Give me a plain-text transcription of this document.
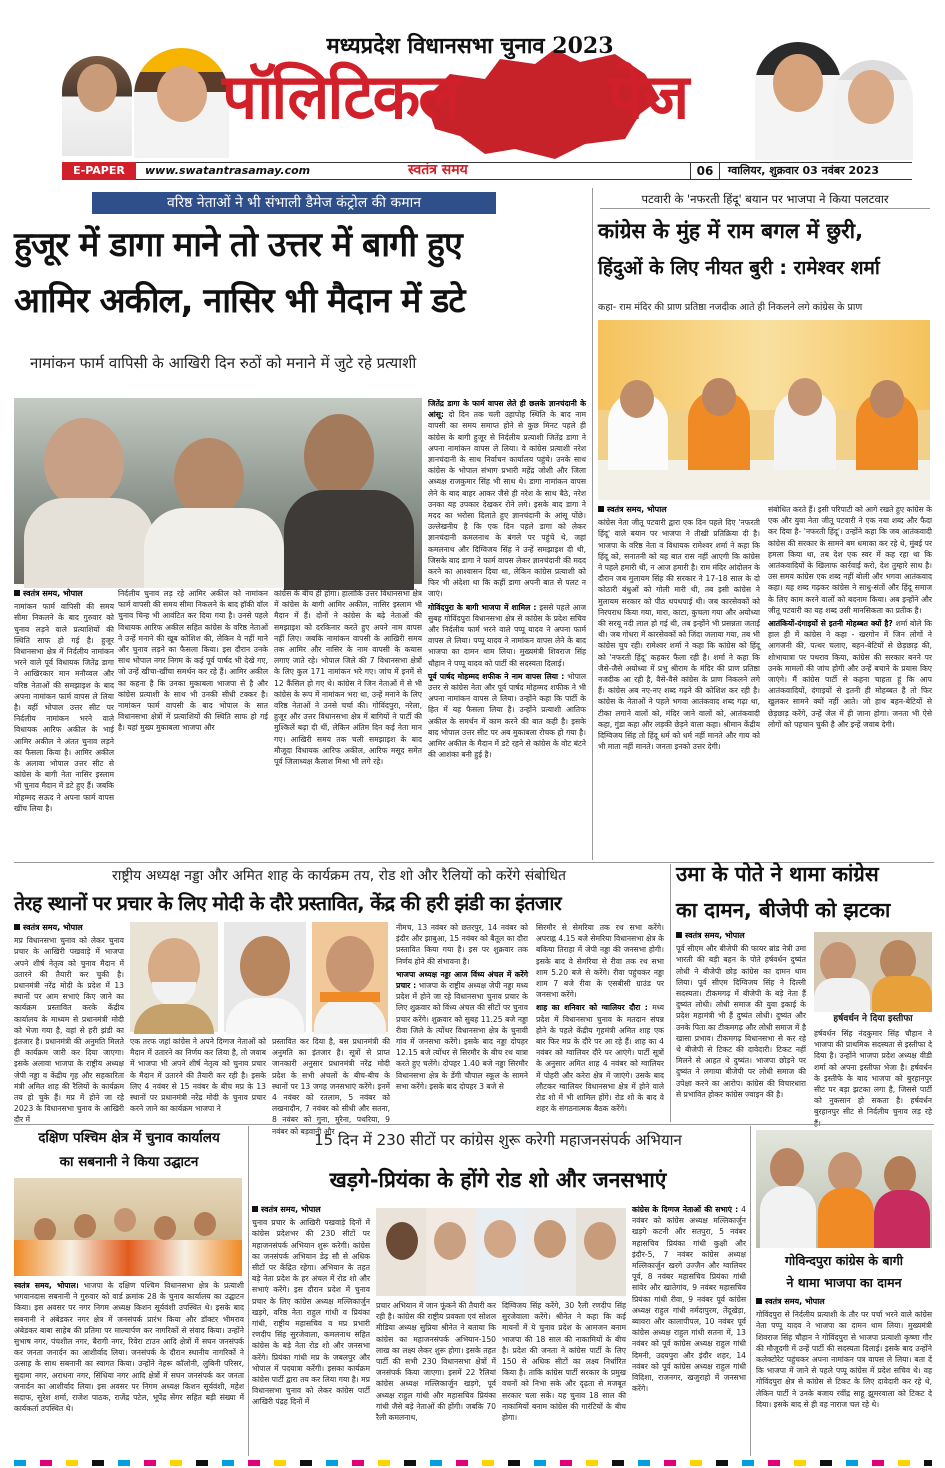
मध्यप्रदेश विधानसभा चुनाव 2023
पॉलिटिकल पेज
E-PAPER	www.swatantrasamay.com	स्वतंत्र समय	06	ग्वालियर, शुक्रवार 03 नवंबर 2023
वरिष्ठ नेताओं ने भी संभाली डैमेज कंट्रोल की कमान
हुजूर में डागा माने तो उत्तर में बागी हुए
आमिर अकील, नासिर भी मैदान में डटे
नामांकन फार्म वापिसी के आखिरी दिन रुठों को मनाने में जुटे रहे प्रत्याशी
स्वतंत्र समय, भोपाल

नामांकन फार्म वापिसी की समय सीमा निकलने के बाद गुरुवार को चुनाव लड़ने वाले प्रत्याशियों की स्थिति साफ हो गई है। हुजूर विधानसभा क्षेत्र में निर्दलीय नामांकन भरने वाले पूर्व विधायक जितेंद्र डागा ने आखिरकार मान मनौव्वल और वरिष्ठ नेताओं की समझाइश के बाद अपना नामांकन फार्म वापस ले लिया है। वहीं भोपाल उत्तर सीट पर निर्दलीय नामांकन भरने वाले विधायक आरिफ अकील के भाई आमिर अकील ने अंतत चुनाव लड़ने का फैसला किया है। आमिर अकील के अलावा भोपाल उत्तर सीट से कांग्रेस के बागी नेता नासिर इस्लाम भी चुनाव मैदान में डटे हुए हैं। जबकि मोहम्मद सऊद ने अपना फार्म वापस खींच लिया है।

निर्दलीय चुनाव लड़ रहे आमिर अकील को नामांकन फार्म वापसी की समय सीमा निकलने के बाद हॉकी वॉल चुनाव चिन्ह भी आवंटित कर दिया गया है। उनसे पहले विधायक आरिफ अकील सहित कांग्रेस के वरिष्ठ नेताओं ने उन्हें मनाने की खूब कोशिश की, लेकिन वे नहीं माने और चुनाव लड़ने का फैसला किया। इस दौरान उनके साथ भोपाल नगर निगम के कई पूर्व पार्षद भी देखे गए, जो उन्हें खीचा-खींचा समर्थन कर रहे हैं। आमिर अकील का कहना है कि उनका मुकाबला भाजपा से है और कांग्रेस प्रत्याशी के साथ भी उनकी सीधी टक्कर है। नामांकन फार्म वापसी के बाद भोपाल के सात विधानसभा क्षेत्रों में प्रत्याशियों की स्थिति साफ हो गई है। यहां मुख्य मुकाबला भाजपा और

कांग्रेस के बीच ही होगा। हालांकि उत्तर विधानसभा क्षेत्र में कांग्रेस के बागी आमिर अकील, नासिर इस्लाम भी मैदान में हैं। दोनों ने कांग्रेस के बढ़े नेताओं की समझाइश को दरकिनार करते हुए अपने नाम वापस नहीं लिए। जबकि नामांकन वापसी के आखिरी समय तक आमिर और नासिर के नाम वापसी के कयास लगाए जाते रहे। भोपाल जिले की 7 विधानसभा क्षेत्रों के लिए कुल 171 नामांकन भरे गए। जांच में इनमें से 12 कैंसिल हो गए थे। कांग्रेस ने जिन नेताओं में से भी कांग्रेस के रूप में नामांकन भरा था, उन्हें मनाने के लिए वरिष्ठ नेताओं ने उनसे चर्चा की। गोविंदपुरा, नरेला, हुजूर और उत्तर विधानसभा क्षेत्र में बागियों ने पार्टी की मुश्किलें बढ़ा दी थीं, लेकिन अंतिम दिन कई नेता मान गए। आखिरी समय तक चली समझाइश के बाद मौजूदा विधायक आरिफ अकील, आरिफ मसूद समेत पूर्व जिलाध्यक्ष कैलाश मिश्रा भी लगे रहे।

जितेंद्र डागा के फार्म वापस लेते ही छलके ज्ञानचंदानी के आंसू: दो दिन तक चली उहापोह स्थिति के बाद नाम वापसी का समय समाप्त होने से कुछ मिनट पहले ही कांग्रेस के बागी हुजूर से निर्दलीय प्रत्याशी जितेंद्र डागा ने अपना नामांकन वापस ले लिया। वे कांग्रेस प्रत्याशी नरेश ज्ञानचंदानी के साथ निर्वाचन कार्यालय पहुंचे। उनके साथ कांग्रेस के भोपाल संभाग प्रभारी महेंद्र जोशी और जिला अध्यक्ष राजकुमार सिंह भी साथ थे। डागा नामांकन वापस लेने के बाद बाहर आकर जैसे ही नरेश के साथ बैठे, नरेश उनका यह उपकार देखकर रोने लगे। इसके बाद डागा ने मदद का भरोसा दिलाते हुए ज्ञानचंदानी के आंसू पोंछे। उल्लेखनीय है कि एक दिन पहले डागा को लेकर ज्ञानचंदानी कमलनाथ के बंगले पर पहुंचे थे, जहां कमलनाथ और दिग्विजय सिंह ने उन्हें समझाइश दी थी, जिसके बाद डागा ने फार्म वापस लेकर ज्ञानचंदानी की मदद करने का आश्वासन दिया था, लेकिन कांग्रेस प्रत्याशी को फिर भी अंदेशा था कि कहीं डागा अपनी बात से पलट न जाएं।

गोविंदपुरा के बागी भाजपा में शामिल : इससे पहले आज सुबह गोविंदपुरा विधानसभा क्षेत्र से कांग्रेस के प्रदेश सचिव और निर्दलीय फार्म भरने वाले पप्पू यादव ने अपना फार्म वापस ले लिया। पप्पू यादव ने नामांकन वापस लेने के बाद भाजपा का दामन थाम लिया। मुख्यमंत्री शिवराज सिंह चौहान ने पप्पू यादव को पार्टी की सदस्यता दिलाई।

पूर्व पार्षद मोहम्मद शफीक ने नाम वापस लिया : भोपाल उत्तर से कांग्रेस नेता और पूर्व पार्षद मोहम्मद शफीक ने भी अपना नामांकन वापस ले लिया। उन्होंने कहा कि पार्टी के हित में यह फैसला लिया है। उन्होंने प्रत्याशी आतिफ अकील के समर्थन में काम करने की बात कही है। इसके बाद भोपाल उत्तर सीट पर अब मुकाबला रोचक हो गया है। आमिर अकील के मैदान में डटे रहने से कांग्रेस के वोट बंटने की आशंका बनी हुई है।

पटवारी के 'नफरती हिंदू' बयान पर भाजपा ने किया पलटवार
कांग्रेस के मुंह में राम बगल में छुरी,
हिंदुओं के लिए नीयत बुरी : रामेश्वर शर्मा
कहा- राम मंदिर की प्राण प्रतिष्ठा नजदीक आते ही निकलने लगे कांग्रेस के प्राण
स्वतंत्र समय, भोपाल

कांग्रेस नेता जीतू पटवारी द्वारा एक दिन पहले दिए 'नफरती हिंदू' वाले बयान पर भाजपा ने तीखी प्रतिक्रिया दी है। भाजपा के वरिष्ठ नेता व विधायक रामेश्वर शर्मा ने कहा कि हिंदू को, सनातनी को यह बात रास नहीं आएगी कि कांग्रेस ने पहले हमारी थी, न आज हमारी है। राम मंदिर आंदोलन के दौरान जब मुलायम सिंह की सरकार ने 17-18 साल के दो कोठारी बंधुओं को गोली मारी थी, तब इसी कांग्रेस ने मुलायम सरकार को पीठ थपथपाई थी। जब कारसेवकों को निरपराध किया गया, मारा, काटा, कुचला गया और अयोध्या की सरयू नदी लाल हो गई थी, तब इन्होंने भी प्रसन्नता जताई थी। जब गोधरा में कारसेवकों को जिंदा जलाया गया, तब भी कांग्रेस चुप रही। रामेश्वर शर्मा ने कहा कि कांग्रेस को हिंदू को 'नफरती हिंदू' कहकर फैला रही है। शर्मा ने कहा कि जैसे-जैसे अयोध्या में प्रभु श्रीराम के मंदिर की प्राण प्रतिष्ठा नजदीक आ रही है, वैसे-वैसे कांग्रेस के प्राण निकलने लगे हैं। कांग्रेस अब नए-नए शब्द गढ़ने की कोशिश कर रही है। कांग्रेस के नेताओं ने पहले भगवा आतंकवाद शब्द गढ़ा था, टीका लगाने वालों को, मंदिर जाने वालों को, आतंकवादी कहा, गुंडा कहा और लड़की छेड़ने वाला कहा। श्रीमान केंद्रीय दिग्विजय सिंह तो हिंदू धर्म को धर्म नहीं मानते और गाय को भी माता नहीं मानते। जनता इनको उत्तर देगी।

संबोधित करते हैं। इसी परिपाटी को आगे रखते हुए कांग्रेस के एक और युवा नेता जीतू पटवारी ने एक नया शब्द और फैदा कर दिया है- 'नफरती हिंदू'। उन्होंने कहा कि जब आतंकवादी कांग्रेस की सरकार के सामने बम धमाका कर रहे थे, मुंबई पर हमला किया था, तब देश एक स्वर में कह रहा था कि आतंकवादियों के खिलाफ कार्रवाई करो, देश तुम्हारे साथ है। उस समय कांग्रेस एक शब्द नहीं बोली और भगवा आतंकवाद कहा। यह शब्द गढ़कर कांग्रेस ने साधु-संतों और हिंदू समाज के लिए काम करने वालों को बदनाम किया। अब इन्होंने और जीतू पटवारी का यह शब्द उसी मानसिकता का प्रतीक है।

आतंकियों-दंगाइयों से इतनी मोहब्बत क्यों है? शर्मा बोले कि हाल ही में कांग्रेस ने कहा - खरगोन में जिन लोगों ने आगजनी की, पत्थर चलाए, बहन-बेटियों से छेड़छाड़ की, शोभायात्रा पर पथराव किया, कांग्रेस की सरकार बनने पर उनके मामलों की जांच होगी और उन्हें बचाने के प्रयास किए जाएंगे। मैं कांग्रेस पार्टी से कहना चाहता हूं कि आप आतंकवादियों, दंगाइयों से इतनी ही मोहब्बत है तो फिर खुलकर सामने क्यों नहीं आते। जो हाथ बहन-बेटियों से छेड़छाड़ करेंगे, उन्हें जेल में ही जाना होगा। जनता भी ऐसे लोगों को पहचान चुकी है और इन्हें जवाब देगी।

राष्ट्रीय अध्यक्ष नड्डा और अमित शाह के कार्यक्रम तय, रोड शो और रैलियों को करेंगे संबोधित
तेरह स्थानों पर प्रचार के लिए मोदी के दौरे प्रस्तावित, केंद्र की हरी झंडी का इंतजार
स्वतंत्र समय, भोपाल

मप्र विधानसभा चुनाव को लेकर चुनाव प्रचार के आखिरी पखवाड़े में भाजपा अपने शीर्ष नेतृत्व को चुनाव मैदान में उतारने की तैयारी कर चुकी है। प्रधानमंत्री नरेंद्र मोदी के प्रदेश में 13 स्थानों पर आम सभाएं किए जाने का कार्यक्रम प्रस्तावित करके केंद्रीय कार्यालय के माध्यम से प्रधानमंत्री मोदी को भेजा गया है, वहां से हरी झंडी का इंतजार है। प्रधानमंत्री की अनुमति मिलते ही कार्यक्रम जारी कर दिया जाएगा। इसके अलावा भाजपा के राष्ट्रीय अध्यक्ष जेपी नड्डा व केंद्रीय गृह और सहकारिता मंत्री अमित शाह की रैलियों के कार्यक्रम तय हो चुके हैं। मप्र में होने जा रहे 2023 के विधानसभा चुनाव के आखिरी दौर में

एक तरफ जहां कांग्रेस ने अपने दिग्गज नेताओं को मैदान में उतारने का निर्णय कर लिया है, तो जवाब में भाजपा भी अपने शीर्ष नेतृत्व को चुनाव प्रचार के मैदान में उतारने की तैयारी कर रही है। इसके लिए 4 नवंबर से 15 नवंबर के बीच मप्र के 13 स्थानों पर प्रधानमंत्री नरेंद्र मोदी के चुनाव प्रचार करने जाने का कार्यक्रम भाजपा ने

प्रस्तावित कर दिया है, बस प्रधानमंत्री की अनुमति का इंतजार है। सूत्रों से प्राप्त जानकारी अनुसार प्रधानमंत्री नरेंद्र मोदी प्रदेश के सभी अंचलों के बीच-बीच के स्थानों पर 13 जगह जनसभाएं करेंगे। इनमें 4 नवंबर को रतलाम, 5 नवंबर को लखनादौन, 7 नवंबर को सीधी और सतना, 8 नवंबर को गुना, मुरैना, पथरिया, 9 नवंबर को बड़वानी और

नीमच, 13 नवंबर को छतरपुर, 14 नवंबर को इंदौर और झाबुआ, 15 नवंबर को बैतूल का दौरा प्रस्तावित किया गया है। इस पर शुक्रवार तक निर्णय होने की संभावना है।

भाजपा अध्यक्ष नड्डा आज विंध्य अंचल में करेंगे प्रचार : भाजपा के राष्ट्रीय अध्यक्ष जेपी नड्डा मध्य प्रदेश में होने जा रहे विधानसभा चुनाव प्रचार के लिए शुक्रवार को विंध्य अंचल की सीटों पर चुनाव प्रचार करेंगे। शुक्रवार को सुबह 11.25 बजे नड्डा रीवा जिले के त्योंथर विधानसभा क्षेत्र के चुनावी गांव में जनसभा करेंगे। इसके बाद नड्डा दोपहर 12.15 बजे त्योंथर से सिरमौर के बीच रथ यात्रा करते हुए चलेंगे। दोपहर 1.40 बजे नड्डा सिरमौर विधानसभा क्षेत्र के डेंगी चौपाल स्कूल के सामने सभा करेंगे। इसके बाद दोपहर 3 बजे से

सिरमौर से सेमरिया तक रथ सभा करेंगे। अपराह्न 4.15 बजे सेमरिया विधानसभा क्षेत्र के बकिया तिराहा में जेपी नड्डा की जनसभा होगी। इसके बाद वे सेमरिया से रीवा तक रथ सभा शाम 5.20 बजे से करेंगे। रीवा पहुंचकर नड्डा शाम 7 बजे रीवा के एसबीसी ग्राउंड पर जनसभा करेंगे।

शाह का शनिवार को ग्वालियर दौरा : मध्य प्रदेश में विधानसभा चुनाव के मतदान संपन्न होने के पहले केंद्रीय गृहमंत्री अमित शाह एक बार फिर मप्र के दौरे पर आ रहे हैं। शाह का 4 नवंबर को ग्वालियर दौरे पर आएंगे। पार्टी सूत्रों के अनुसार अमित शाह 4 नवंबर को ग्वालियर में पोहरी और करेरा क्षेत्र में जाएंगे। उसके बाद लौटकर ग्वालियर विधानसभा क्षेत्र में होने वाले रोड शो में भी शामिल होंगे। रोड शो के बाद वे शहर के संगठनात्मक बैठक करेंगे।

उमा के पोते ने थामा कांग्रेस
का दामन, बीजेपी को झटका
स्वतंत्र समय, भोपाल

पूर्व सीएम और बीजेपी की फायर ब्रांड नेत्री उमा भारती की बड़ी बहन के पोते हर्षवर्धन दुष्यंत लोधी ने बीजेपी छोड़ कांग्रेस का दामन थाम लिया। पूर्व सीएम दिग्विजय सिंह ने दिल्ली सदस्यता। टीकमगढ़ में बीजेपी के बड़े नेता हैं दुष्यंत लोधी। लोधी समाज की युवा इकाई के प्रदेश महामंत्री भी हैं दुष्यंत लोधी। दुष्यंत और उनके पिता का टीकमगढ़ और लोधी समाज में है खासा प्रभाव। टीकमगढ़ विधानसभा से कर रहे थे बीजेपी से टिकट की दावेदारी। टिकट नहीं मिलने से आहत थे दुष्यंत। भाजपा छोड़ने पर दुष्यंत ने लगाया बीजेपी पर लोधी समाज की उपेक्षा करने का आरोप। कांग्रेस की विचारधारा से प्रभावित होकर कांग्रेस ज्वाइन की है।

हर्षवर्धन ने दिया इस्तीफा

हर्षवर्धन सिंह नंदकुमार सिंह चौहान ने भाजपा की प्राथमिक सदस्यता से इस्तीफा दे दिया है। उन्होंने भाजपा प्रदेश अध्यक्ष वीडी शर्मा को अपना इस्तीफा भेजा है। हर्षवर्धन के इस्तीफे के बाद भाजपा को बुरहानपुर सीट पर बड़ा झटका लगा है, जिससे पार्टी को नुकसान हो सकता है। हर्षवर्धन बुरहानपुर सीट से निर्दलीय चुनाव लड़ रहे

दक्षिण पश्चिम क्षेत्र में चुनाव कार्यालय
का सबनानी ने किया उद्घाटन

स्वतंत्र समय, भोपाल। भाजपा के दक्षिण पश्चिम विधानसभा क्षेत्र के प्रत्याशी भगवानदास सबनानी ने गुरुवार को वार्ड क्रमांक 28 के चुनाव कार्यालय का उद्घाटन किया। इस अवसर पर नगर निगम अध्यक्ष किशन सूर्यवंशी उपस्थित थे। इसके बाद सबनानी ने अंबेडकर नगर क्षेत्र में जनसंपर्क प्रारंभ किया और डॉक्टर भीमराव अंबेडकर बाबा साहेब की प्रतिमा पर माल्यार्पण कर नागरिकों से संवाद किया। उन्होंने सुभाष नगर, पंचशील नगर, बैरागी नगर, रिवेरा टाउन आदि क्षेत्रों में सघन जनसंपर्क कर जनता जनार्दन का आशीर्वाद लिया। जनसंपर्क के दौरान स्थानीय नागरिकों ने उत्साह के साथ सबनानी का स्वागत किया। उन्होंने नेहरू कॉलोनी, लुबिनी परिसर, सुदामा नगर, अराधना नगर, सिंधिया नगर आदि क्षेत्रों में सघन जनसंपर्क कर जनता जनार्दन का आशीर्वाद लिया। इस अवसर पर निगम अध्यक्ष किशन सूर्यवंशी, महेश सदाफ, सुरेश शर्मा, राजेश पाठक, राजेंद्र पटेल, भूपेंद्र सेंगर सहित बड़ी संख्या में कार्यकर्ता उपस्थित थे।

15 दिन में 230 सीटों पर कांग्रेस शुरू करेगी महाजनसंपर्क अभियान
खड़गे-प्रियंका के होंगे रोड शो और जनसभाएं
स्वतंत्र समय, भोपाल

चुनाव प्रचार के आखिरी पखवाड़े दिनों में कांग्रेस प्रदेशभर की 230 सीटों पर महाजनसंपर्क अभियान शुरू करेगी। कांग्रेस का जनसंपर्क अभियान डेढ़ सौ से अधिक सीटों पर केंद्रित रहेगा। अभियान के तहत बड़े नेता प्रदेश के हर अंचल में रोड शो और सभाएं करेंगे। इस दौरान प्रदेश में चुनाव प्रचार के लिए कांग्रेस अध्यक्ष मल्लिकार्जुन खड़गे, वरिष्ठ नेता राहुल गांधी व प्रियंका गांधी, राष्ट्रीय महासचिव व मप्र प्रभारी रणदीप सिंह सुरजेवाला, कमलनाथ सहित कांग्रेस के बड़े नेता रोड शो और जनसभा करेंगे। प्रियंका गांधी मप्र के जबलपुर और भोपाल में पदयात्रा करेंगी। इसका कार्यक्रम कांग्रेस पार्टी द्वारा तय कर लिया गया है। मप्र विधानसभा चुनाव को लेकर कांग्रेस पार्टी आखिरी पंद्रह दिनों में

प्रचार अभियान में जान फूंकने की तैयारी कर रही है। कांग्रेस की राष्ट्रीय प्रवक्ता एवं सोशल मीडिया अध्यक्ष सुप्रिया श्रीनेत ने बताया कि कांग्रेस का महाजनसंपर्क अभियान-150 लाख का लक्ष्य लेकर शुरू होगा। इसके तहत पार्टी की सभी 230 विधानसभा क्षेत्रों में जनसंपर्क किया जाएगा। इसमें 22 रैलियां कांग्रेस अध्यक्ष मल्लिकार्जुन खड़गे, पूर्व अध्यक्ष राहुल गांधी और महासचिव प्रियंका गांधी जैसे बड़े नेताओं की होंगी। जबकि 70 रैली कमलनाथ,

दिग्विजय सिंह करेंगे, 30 रैली रणदीप सिंह सुरजेवाला करेंगे। श्रीनेत ने कहा कि कई मायनों में ये चुनाव प्रदेश के आमजन बनाम भाजपा की 18 साल की नाकामियों के बीच है। प्रदेश की जनता ने कांग्रेस पार्टी के लिए 150 से अधिक सीटों का लक्ष्य निर्धारित किया है। ताकि कांग्रेस पार्टी सरकार के प्रमुख वचनों को निभा सके और दृढ़ता से मजबूत सरकार चला सके। यह चुनाव 18 साल की नाकामियों बनाम कांग्रेस की गारंटियों के बीच होगा।

कांग्रेस के दिग्गज नेताओं की सभाएं : 4 नवंबर को कांग्रेस अध्यक्ष मल्लिकार्जुन खड़गे कटनी और सतपुरा, 5 नवंबर महासचिव प्रियंका गांधी कुक्षी और इंदौर-5, 7 नवंबर कांग्रेस अध्यक्ष मल्लिकार्जुन खरगे उज्जैन और ग्वालियर पूर्व, 8 नवंबर महासचिव प्रियंका गांधी सांवेर और खातेगांव, 9 नवंबर महासचिव प्रियंका गांधी रीवा, 9 नवंबर पूर्व कांग्रेस अध्यक्ष राहुल गांधी नर्मदापुरम, तेंदूखेड़ा, ब्यावरा और कालापीपल, 10 नवंबर पूर्व कांग्रेस अध्यक्ष राहुल गांधी सतना में, 13 नवंबर को पूर्व कांग्रेस अध्यक्ष राहुल गांधी दिमनी, उदयपुरा और इंदौर शहर, 14 नवंबर को पूर्व कांग्रेस अध्यक्ष राहुल गांधी विदिशा, राजनगर, खजुराहो में जनसभा करेंगे।

गोविन्दपुरा कांग्रेस के बागी
ने थामा भाजपा का दामन
स्वतंत्र समय, भोपाल

गोविंदपुरा से निर्दलीय प्रत्याशी के तौर पर पर्चा भरने वाले कांग्रेस नेता पप्पू यादव ने भाजपा का दामन थाम लिया। मुख्यमंत्री शिवराज सिंह चौहान ने गोविंदपुरा से भाजपा प्रत्याशी कृष्णा गौर की मौजूदगी में उन्हें पार्टी की सदस्यता दिलाई। इसके बाद उन्होंने कलेक्टोरेट पहुंचकर अपना नामांकन पत्र वापस ले लिया। बता दें कि भाजपा में जाने से पहले पप्पू कांग्रेस में प्रदेश सचिव थे। वह गोविंदपुरा क्षेत्र से कांग्रेस से टिकट के लिए दावेदारी कर रहे थे, लेकिन पार्टी ने उनके बजाय रवींद्र साहू झूमरवाला को टिकट दे दिया। इसके बाद से ही वह नाराज चल रहे थे।
